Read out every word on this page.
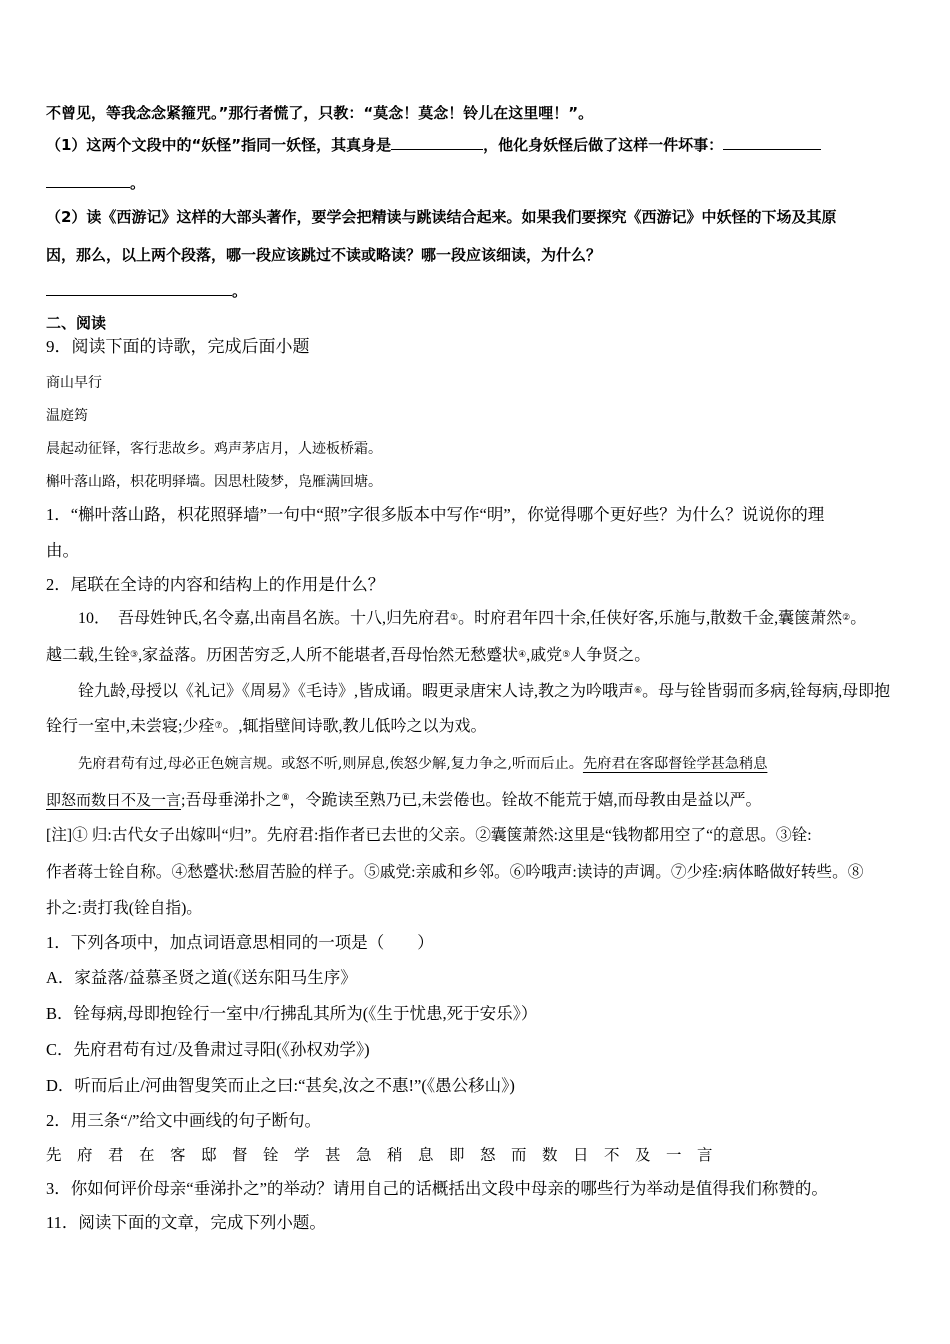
不曾见，等我念念紧箍咒。”那行者慌了，只教：“莫念！莫念！铃儿在这里哩！”。
（1）这两个文段中的“妖怪”指同一妖怪，其真身是	，他化身妖怪后做了这样一件坏事：
。
（2）读《西游记》这样的大部头著作，要学会把精读与跳读结合起来。如果我们要探究《西游记》中妖怪的下场及其原
因，那么，以上两个段落，哪一段应该跳过不读或略读？哪一段应该细读，为什么？
。
二、阅读
9．阅读下面的诗歌，完成后面小题
商山早行
温庭筠
晨起动征铎，客行悲故乡。鸡声茅店月，人迹板桥霜。
槲叶落山路，枳花明驿墙。因思杜陵梦，凫雁满回塘。
1．“槲叶落山路，枳花照驿墙”一句中“照”字很多版本中写作“明”，你觉得哪个更好些？为什么？说说你的理
由。
2．尾联在全诗的内容和结构上的作用是什么？
10．　吾母姓钟氏,名令嘉,出南昌名族。十八,归先府君①。时府君年四十余,任侠好客,乐施与,散数千金,囊箧萧然②。
越二载,生铨③,家益落。历困苦穷乏,人所不能堪者,吾母怡然无愁蹙状④,戚党⑤人争贤之。
铨九龄,母授以《礼记》《周易》《毛诗》,皆成诵。暇更录唐宋人诗,教之为吟哦声⑥。母与铨皆弱而多病,铨每病,母即抱
铨行一室中,未尝寝;少痊⑦。,辄指壁间诗歌,教儿低吟之以为戏。
先府君苟有过,母必正色婉言规。或怒不听,则屏息,俟怒少解,复力争之,听而后止。先府君在客邸督铨学甚急稍息
即怒而数日不及一言;吾母垂涕扑之⑧，令跪读至熟乃已,未尝倦也。铨故不能荒于嬉,而母教由是益以严。
[注]① 归:古代女子出嫁叫“归”。先府君:指作者已去世的父亲。②囊箧萧然:这里是“钱物都用空了“的意思。③铨:
作者蒋士铨自称。④愁蹙状:愁眉苦脸的样子。⑤戚党:亲戚和乡邻。⑥吟哦声:读诗的声调。⑦少痊:病体略做好转些。⑧
扑之:责打我(铨自指)。
1．下列各项中，加点词语意思相同的一项是（　　）
A．家益落/益慕圣贤之道(《送东阳马生序》
B．铨每病,母即抱铨行一室中/行拂乱其所为(《生于忧患,死于安乐》）
C．先府君苟有过/及鲁肃过寻阳(《孙权劝学》)
D．听而后止/河曲智叟笑而止之曰:“甚矣,汝之不惠!”(《愚公移山》)
2．用三条“/”给文中画线的句子断句。
先府君在客邸督铨学甚急稍息即怒而数日不及一言
3．你如何评价母亲“垂涕扑之”的举动？请用自己的话概括出文段中母亲的哪些行为举动是值得我们称赞的。
11．阅读下面的文章，完成下列小题。
